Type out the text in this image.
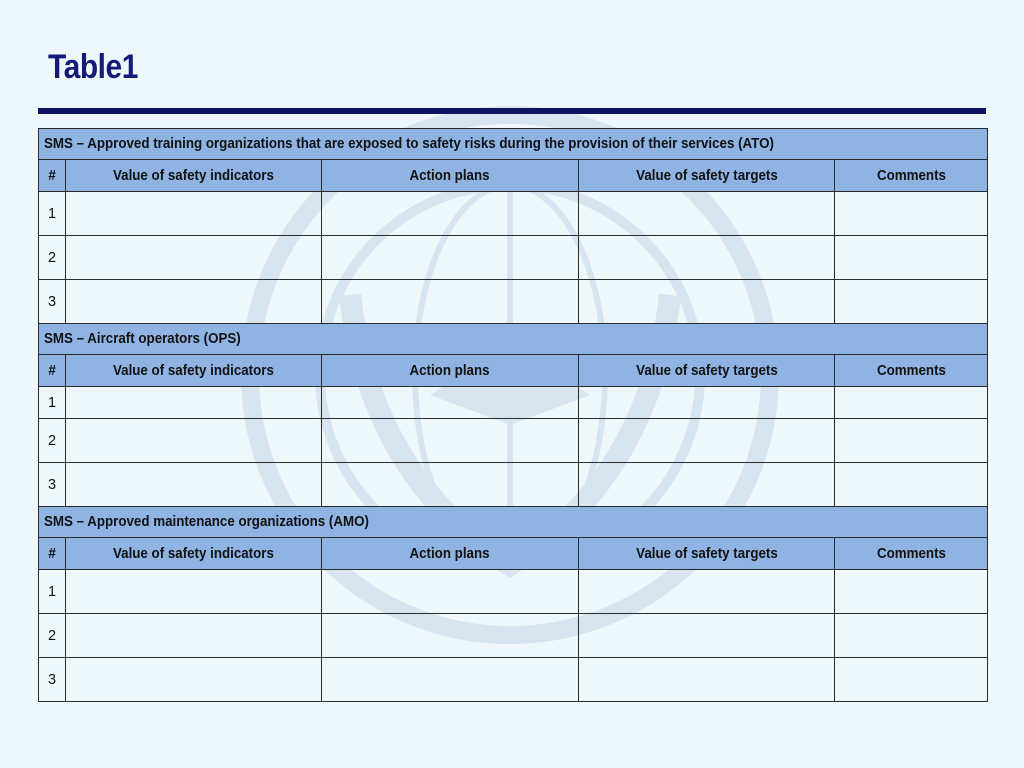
Table1
SMS – Approved training organizations that are exposed to safety risks during the provision of their services (ATO)				
#	Value of safety indicators	Action plans	Value of safety targets	Comments
1				
2				
3				
SMS – Aircraft operators (OPS)				
#	Value of safety indicators	Action plans	Value of safety targets	Comments
1				
2				
3				
SMS – Approved maintenance organizations (AMO)				
#	Value of safety indicators	Action plans	Value of safety targets	Comments
1				
2				
3				
